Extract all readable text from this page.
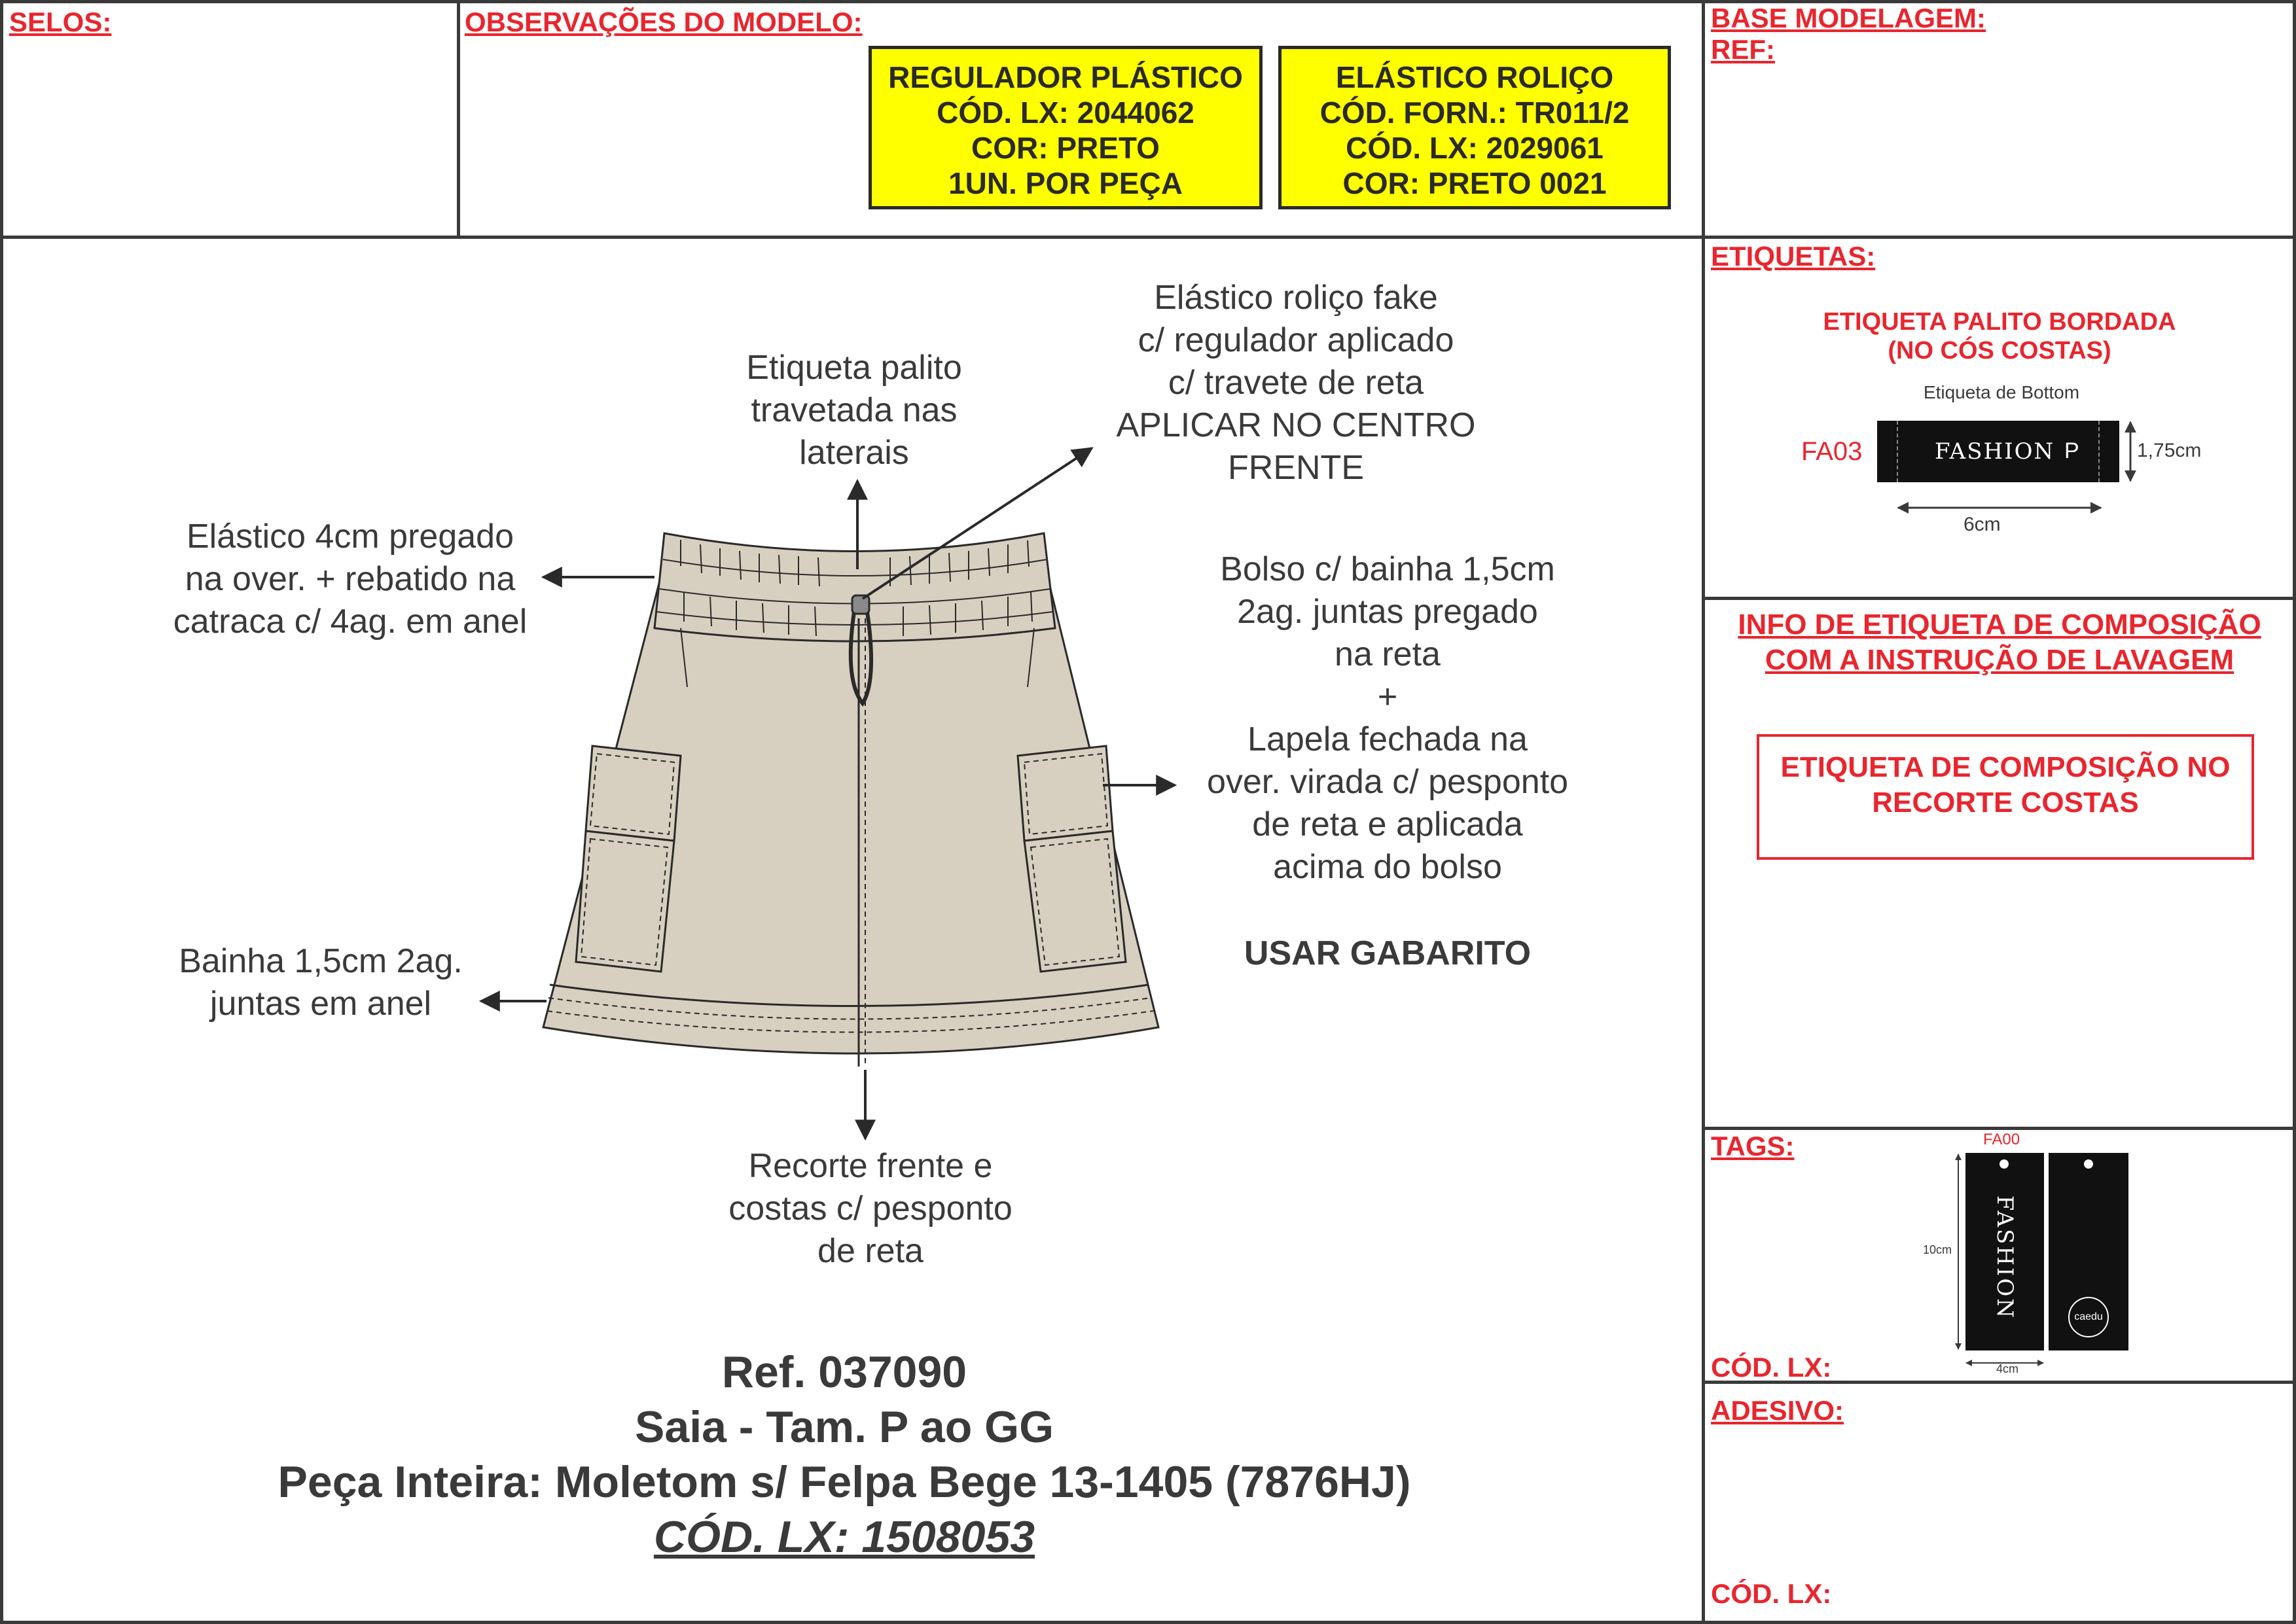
SELOS:	OBSERVAÇÕES DO MODELO:	BASE MODELAGEM:
REF:
REGULADOR PLÁSTICO
CÓD. LX: 2044062
COR: PRETO
1UN. POR PEÇA
ELÁSTICO ROLIÇO
CÓD. FORN.: TR011/2
CÓD. LX: 2029061
COR: PRETO 0021
Etiqueta palito
travetada nas
laterais
Elástico roliço fake
c/ regulador aplicado
c/ travete de reta
APLICAR NO CENTRO
FRENTE
Elástico 4cm pregado
na over. + rebatido na
catraca c/ 4ag. em anel
Bolso c/ bainha 1,5cm
2ag. juntas pregado
na reta
+
Lapela fechada na
over. virada c/ pesponto
de reta e aplicada
acima do bolso
USAR GABARITO
Bainha 1,5cm 2ag.
juntas em anel
Recorte frente e
costas c/ pesponto
de reta
Ref. 037090
Saia - Tam. P ao GG
Peça Inteira: Moletom s/ Felpa Bege 13-1405 (7876HJ)
CÓD. LX: 1508053
ETIQUETAS:
ETIQUETA PALITO BORDADA
(NO CÓS COSTAS)
Etiqueta de Bottom
FA03	FASHION P
6cm
1,75cm
INFO DE ETIQUETA DE COMPOSIÇÃO
COM A INSTRUÇÃO DE LAVAGEM
ETIQUETA DE COMPOSIÇÃO NO
RECORTE COSTAS
TAGS:	FA00
FASHION	caedu
10cm
4cm
CÓD. LX:
ADESIVO:
CÓD. LX:
